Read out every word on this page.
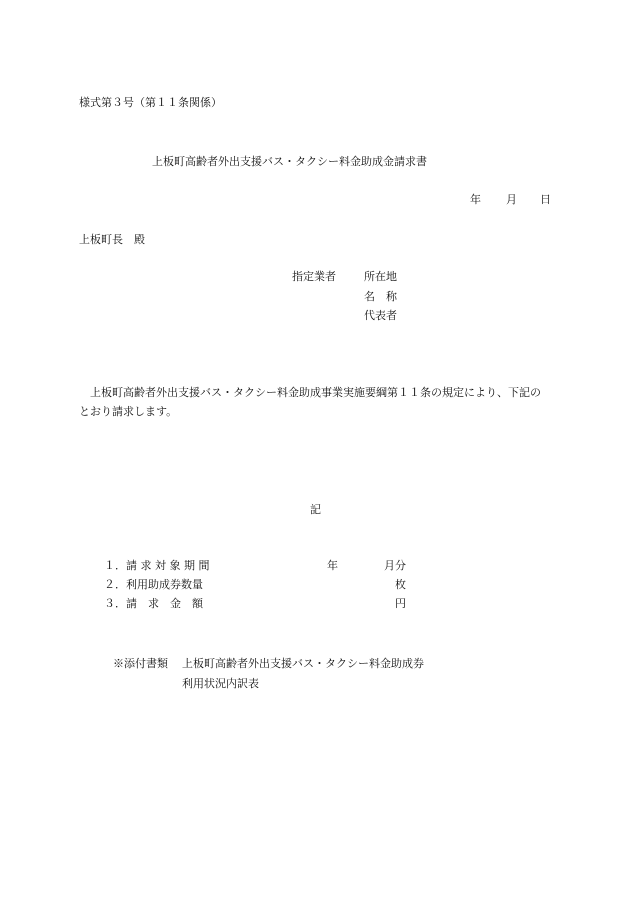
様式第３号（第１１条関係）
上板町高齢者外出支援バス・タクシー料金助成金請求書
年 月 日
上板町長　殿
指定業者	所在地
名　称
代表者
上板町高齢者外出支援バス・タクシー料金助成事業実施要綱第１１条の規定により、下記の
とおり請求します。
記
１． 請 求 対 象 期 間	年	月分
２． 利用助成券数量	枚
３． 請　求　金　額	円
※添付書類 上板町高齢者外出支援バス・タクシー料金助成券
利用状況内訳表
